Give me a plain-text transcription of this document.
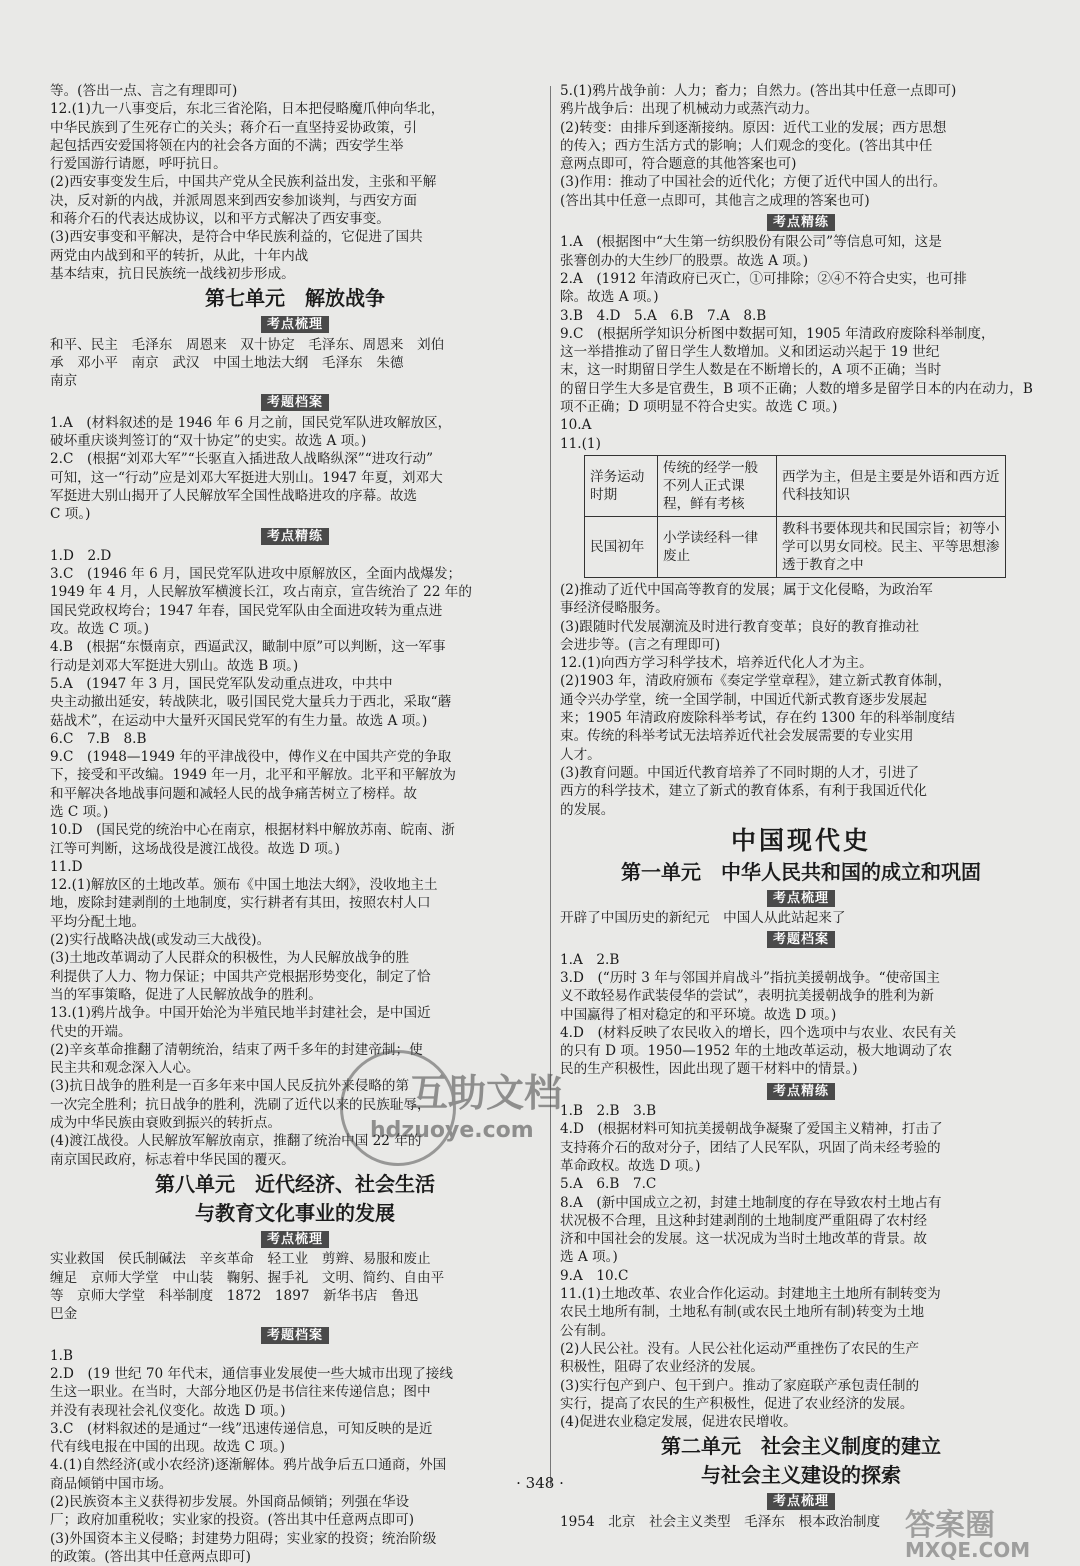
等。(答出一点、言之有理即可)
12.(1)九一八事变后，东北三省沦陷，日本把侵略魔爪伸向华北，
中华民族到了生死存亡的关头；蒋介石一直坚持妥协政策，引
起包括西安爱国将领在内的社会各方面的不满；西安学生举
行爱国游行请愿，呼吁抗日。
(2)西安事变发生后，中国共产党从全民族利益出发，主张和平解
决，反对新的内战，并派周恩来到西安参加谈判，与西安方面
和蒋介石的代表达成协议，以和平方式解决了西安事变。
(3)西安事变和平解决，是符合中华民族利益的，它促进了国共
两党由内战到和平的转折，从此，十年内战
基本结束，抗日民族统一战线初步形成。
第七单元　解放战争
考点梳理
和平、民主　毛泽东　周恩来　双十协定　毛泽东、周恩来　刘伯
承　邓小平　南京　武汉　中国土地法大纲　毛泽东　朱德
南京
考题档案
1.A　(材料叙述的是 1946 年 6 月之前，国民党军队进攻解放区，
破坏重庆谈判签订的“双十协定”的史实。故选 A 项。)
2.C　(根据“刘邓大军”“长驱直入插进敌人战略纵深”“进攻行动”
可知，这一“行动”应是刘邓大军挺进大别山。1947 年夏，刘邓大
军挺进大别山揭开了人民解放军全国性战略进攻的序幕。故选
C 项。)
考点精练
1.D　2.D
3.C　(1946 年 6 月，国民党军队进攻中原解放区，全面内战爆发；
1949 年 4 月，人民解放军横渡长江，攻占南京，宣告统治了 22 年的
国民党政权垮台；1947 年春，国民党军队由全面进攻转为重点进
攻。故选 C 项。)
4.B　(根据“东慑南京，西逼武汉，瞰制中原”可以判断，这一军事
行动是刘邓大军挺进大别山。故选 B 项。)
5.A　(1947 年 3 月，国民党军队发动重点进攻，中共中
央主动撤出延安，转战陕北，吸引国民党大量兵力于西北，采取“蘑
菇战术”，在运动中大量歼灭国民党军的有生力量。故选 A 项。)
6.C　7.B　8.B
9.C　(1948—1949 年的平津战役中，傅作义在中国共产党的争取
下，接受和平改编。1949 年一月，北平和平解放。北平和平解放为
和平解决各地战事问题和减轻人民的战争痛苦树立了榜样。故
选 C 项。)
10.D　(国民党的统治中心在南京，根据材料中解放苏南、皖南、浙
江等可判断，这场战役是渡江战役。故选 D 项。)
11.D
12.(1)解放区的土地改革。颁布《中国土地法大纲》，没收地主土
地，废除封建剥削的土地制度，实行耕者有其田，按照农村人口
平均分配土地。
(2)实行战略决战(或发动三大战役)。
(3)土地改革调动了人民群众的积极性，为人民解放战争的胜
利提供了人力、物力保证；中国共产党根据形势变化，制定了恰
当的军事策略，促进了人民解放战争的胜利。
13.(1)鸦片战争。中国开始沦为半殖民地半封建社会，是中国近
代史的开端。
(2)辛亥革命推翻了清朝统治，结束了两千多年的封建帝制；使
民主共和观念深入人心。
(3)抗日战争的胜利是一百多年来中国人民反抗外来侵略的第
一次完全胜利；抗日战争的胜利，洗刷了近代以来的民族耻辱，
成为中华民族由衰败到振兴的转折点。
(4)渡江战役。人民解放军解放南京，推翻了统治中国 22 年的
南京国民政府，标志着中华民国的覆灭。
第八单元　近代经济、社会生活
与教育文化事业的发展
考点梳理
实业救国　侯氏制碱法　辛亥革命　轻工业　剪辫、易服和废止
缠足　京师大学堂　中山装　鞠躬、握手礼　文明、简约、自由平
等　京师大学堂　科举制度　1872　1897　新华书店　鲁迅
巴金
考题档案
1.B
2.D　(19 世纪 70 年代末，通信事业发展使一些大城市出现了接线
生这一职业。在当时，大部分地区仍是书信往来传递信息；图中
并没有表现社会礼仪变化。故选 D 项。)
3.C　(材料叙述的是通过“一线”迅速传递信息，可知反映的是近
代有线电报在中国的出现。故选 C 项。)
4.(1)自然经济(或小农经济)逐渐解体。鸦片战争后五口通商，外国
商品倾销中国市场。
(2)民族资本主义获得初步发展。外国商品倾销；列强在华设
厂；政府加重税收；实业家的投资。(答出其中任意两点即可)
(3)外国资本主义侵略；封建势力阻碍；实业家的投资；统治阶级
的政策。(答出其中任意两点即可)
5.(1)鸦片战争前：人力；畜力；自然力。(答出其中任意一点即可)
鸦片战争后：出现了机械动力或蒸汽动力。
(2)转变：由排斥到逐渐接纳。原因：近代工业的发展；西方思想
的传入；西方生活方式的影响；人们观念的变化。(答出其中任
意两点即可，符合题意的其他答案也可)
(3)作用：推动了中国社会的近代化；方便了近代中国人的出行。
(答出其中任意一点即可，其他言之成理的答案也可)
考点精练
1.A　(根据图中“大生第一纺织股份有限公司”等信息可知，这是
张謇创办的大生纱厂的股票。故选 A 项。)
2.A　(1912 年清政府已灭亡，①可排除；②④不符合史实，也可排
除。故选 A 项。)
3.B　4.D　5.A　6.B　7.A　8.B
9.C　(根据所学知识分析图中数据可知，1905 年清政府废除科举制度，
这一举措推动了留日学生人数增加。义和团运动兴起于 19 世纪
末，这一时期留日学生人数是在不断增长的，A 项不正确；当时
的留日学生大多是官费生，B 项不正确；人数的增多是留学日本的内在动力，B
项不正确；D 项明显不符合史实。故选 C 项。)
10.A
11.(1)
洋务运动时期	传统的经学一般不列人正式课程，鲜有考核	西学为主，但是主要是外语和西方近代科技知识
民国初年	小学读经科一律废止	教科书要体现共和民国宗旨；初等小学可以男女同校。民主、平等思想渗透于教育之中
(2)推动了近代中国高等教育的发展；属于文化侵略，为政治军
事经济侵略服务。
(3)跟随时代发展潮流及时进行教育变革；良好的教育推动社
会进步等。(言之有理即可)
12.(1)向西方学习科学技术，培养近代化人才为主。
(2)1903 年，清政府颁布《奏定学堂章程》，建立新式教育体制，
通令兴办学堂，统一全国学制，中国近代新式教育逐步发展起
来；1905 年清政府废除科举考试，存在约 1300 年的科举制度结
束。传统的科举考试无法培养近代社会发展需要的专业实用
人才。
(3)教育问题。中国近代教育培养了不同时期的人才，引进了
西方的科学技术，建立了新式的教育体系，有利于我国近代化
的发展。
中国现代史
第一单元　中华人民共和国的成立和巩固
考点梳理
开辟了中国历史的新纪元　中国人从此站起来了
考题档案
1.A　2.B
3.D　(“历时 3 年与邻国并肩战斗”指抗美援朝战争。“使帝国主
义不敢轻易作武装侵华的尝试”，表明抗美援朝战争的胜利为新
中国赢得了相对稳定的和平环境。故选 D 项。)
4.D　(材料反映了农民收入的增长，四个选项中与农业、农民有关
的只有 D 项。1950—1952 年的土地改革运动，极大地调动了农
民的生产积极性，因此出现了题干材料中的情景。)
考点精练
1.B　2.B　3.B
4.D　(根据材料可知抗美援朝战争凝聚了爱国主义精神，打击了
支持蒋介石的敌对分子，团结了人民军队，巩固了尚未经考验的
革命政权。故选 D 项。)
5.A　6.B　7.C
8.A　(新中国成立之初，封建土地制度的存在导致农村土地占有
状况极不合理，且这种封建剥削的土地制度严重阻碍了农村经
济和中国社会的发展。这一状况成为当时土地改革的背景。故
选 A 项。)
9.A　10.C
11.(1)土地改革、农业合作化运动。封建地主土地所有制转变为
农民土地所有制，土地私有制(或农民土地所有制)转变为土地
公有制。
(2)人民公社。没有。人民公社化运动严重挫伤了农民的生产
积极性，阻碍了农业经济的发展。
(3)实行包产到户、包干到户。推动了家庭联产承包责任制的
实行，提高了农民的生产积极性，促进了农业经济的发展。
(4)促进农业稳定发展，促进农民增收。
第二单元　社会主义制度的建立
与社会主义建设的探索
考点梳理
1954　北京　社会主义类型　毛泽东　根本政治制度
· 348 ·
互助文档
hdzuoye.com
答案圈
MXQE.COM
